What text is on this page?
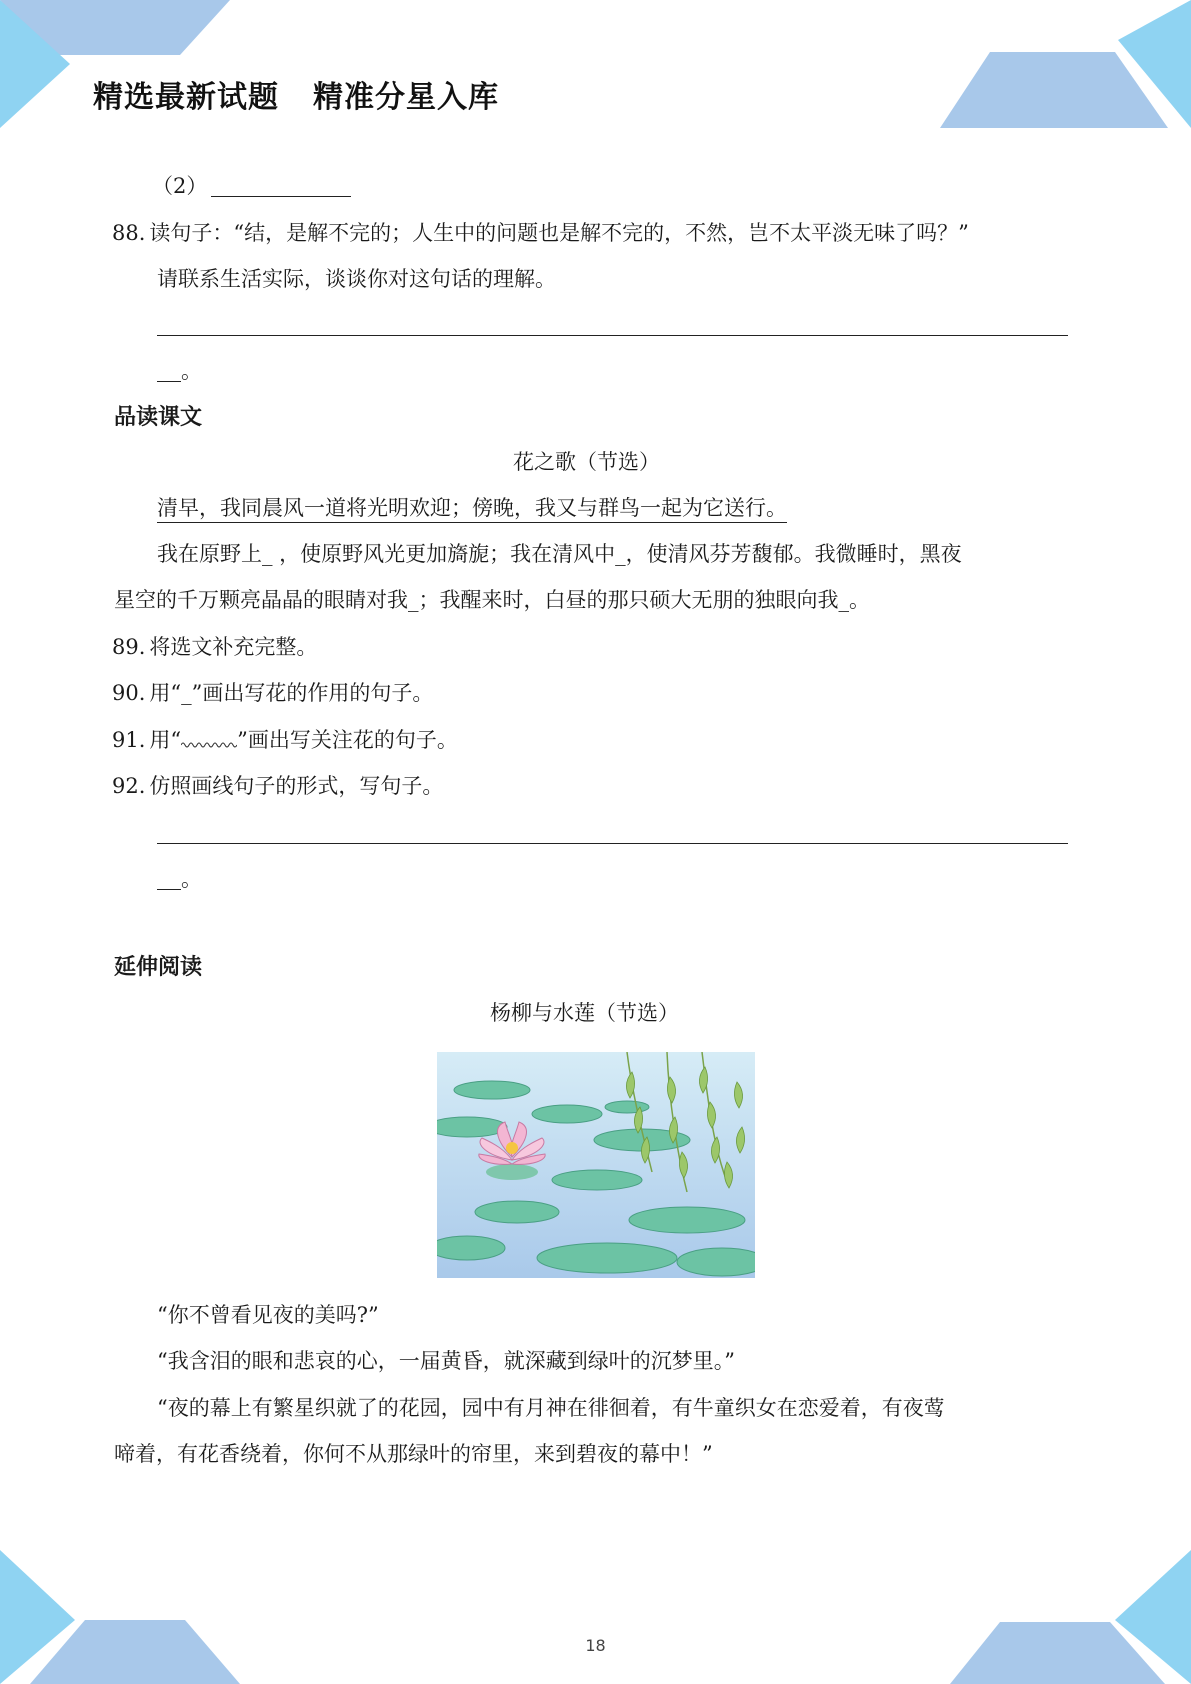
精选最新试题 精准分星入库
（2）
88. 读句子：“结，是解不完的；人生中的问题也是解不完的，不然，岂不太平淡无味了吗？”
请联系生活实际，谈谈你对这句话的理解。
。
品读课文
花之歌（节选）
清早，我同晨风一道将光明欢迎；傍晚，我又与群鸟一起为它送行。
我在原野上_ ，使原野风光更加旖旎；我在清风中_，使清风芬芳馥郁。我微睡时，黑夜
星空的千万颗亮晶晶的眼睛对我_；我醒来时，白昼的那只硕大无朋的独眼向我_。
89. 将选文补充完整。
90. 用“_”画出写花的作用的句子。
91. 用“	”画出写关注花的句子。
92. 仿照画线句子的形式，写句子。
。
延伸阅读
杨柳与水莲（节选）
“你不曾看见夜的美吗?”
“我含泪的眼和悲哀的心，一届黄昏，就深藏到绿叶的沉梦里。”
“夜的幕上有繁星织就了的花园，园中有月神在徘徊着，有牛童织女在恋爱着，有夜莺
啼着，有花香绕着，你何不从那绿叶的帘里，来到碧夜的幕中！”
18
